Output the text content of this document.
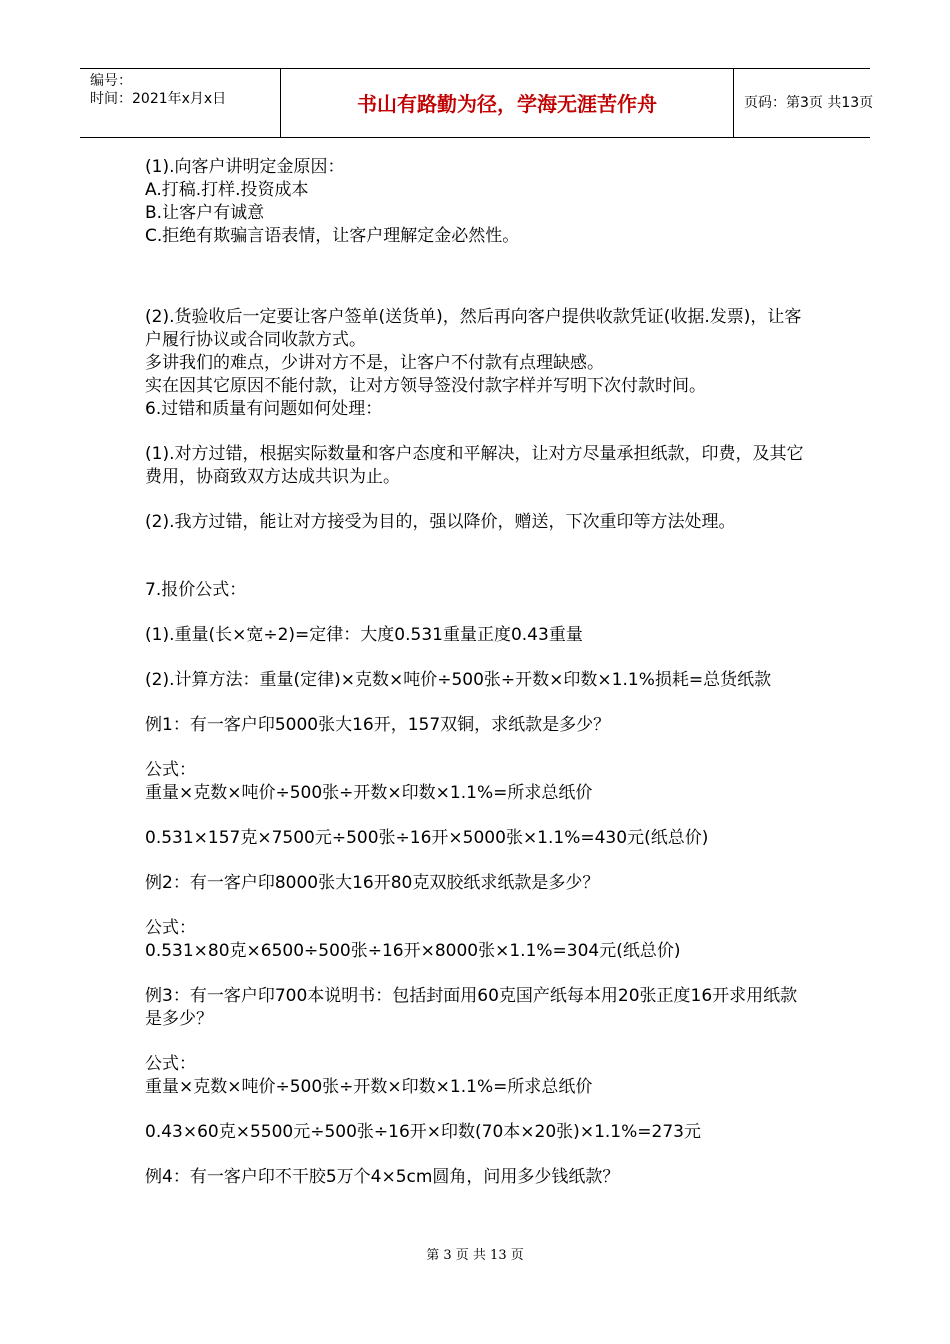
编号：
时间：2021年x月x日	书山有路勤为径，学海无涯苦作舟	页码：第3页 共13页

(1).向客户讲明定金原因：

A.打稿.打样.投资成本

B.让客户有诚意

C.拒绝有欺骗言语表情，让客户理解定金必然性。

(2).货验收后一定要让客户签单(送货单)，然后再向客户提供收款凭证(收据.发票)，让客户履行协议或合同收款方式。

多讲我们的难点，少讲对方不是，让客户不付款有点理缺感。

实在因其它原因不能付款，让对方领导签没付款字样并写明下次付款时间。

6.过错和质量有问题如何处理：

(1).对方过错，根据实际数量和客户态度和平解决，让对方尽量承担纸款，印费，及其它费用，协商致双方达成共识为止。

(2).我方过错，能让对方接受为目的，强以降价，赠送，下次重印等方法处理。

7.报价公式：

(1).重量(长×宽÷2)=定律：大度0.531重量正度0.43重量

(2).计算方法：重量(定律)×克数×吨价÷500张÷开数×印数×1.1%损耗=总货纸款

例1：有一客户印5000张大16开，157双铜，求纸款是多少？

公式：

重量×克数×吨价÷500张÷开数×印数×1.1%=所求总纸价

0.531×157克×7500元÷500张÷16开×5000张×1.1%=430元(纸总价)

例2：有一客户印8000张大16开80克双胶纸求纸款是多少？

公式：

0.531×80克×6500÷500张÷16开×8000张×1.1%=304元(纸总价)

例3：有一客户印700本说明书：包括封面用60克国产纸每本用20张正度16开求用纸款是多少？

公式：

重量×克数×吨价÷500张÷开数×印数×1.1%=所求总纸价

0.43×60克×5500元÷500张÷16开×印数(70本×20张)×1.1%=273元

例4：有一客户印不干胶5万个4×5cm圆角，问用多少钱纸款？

第 3 页 共 13 页
